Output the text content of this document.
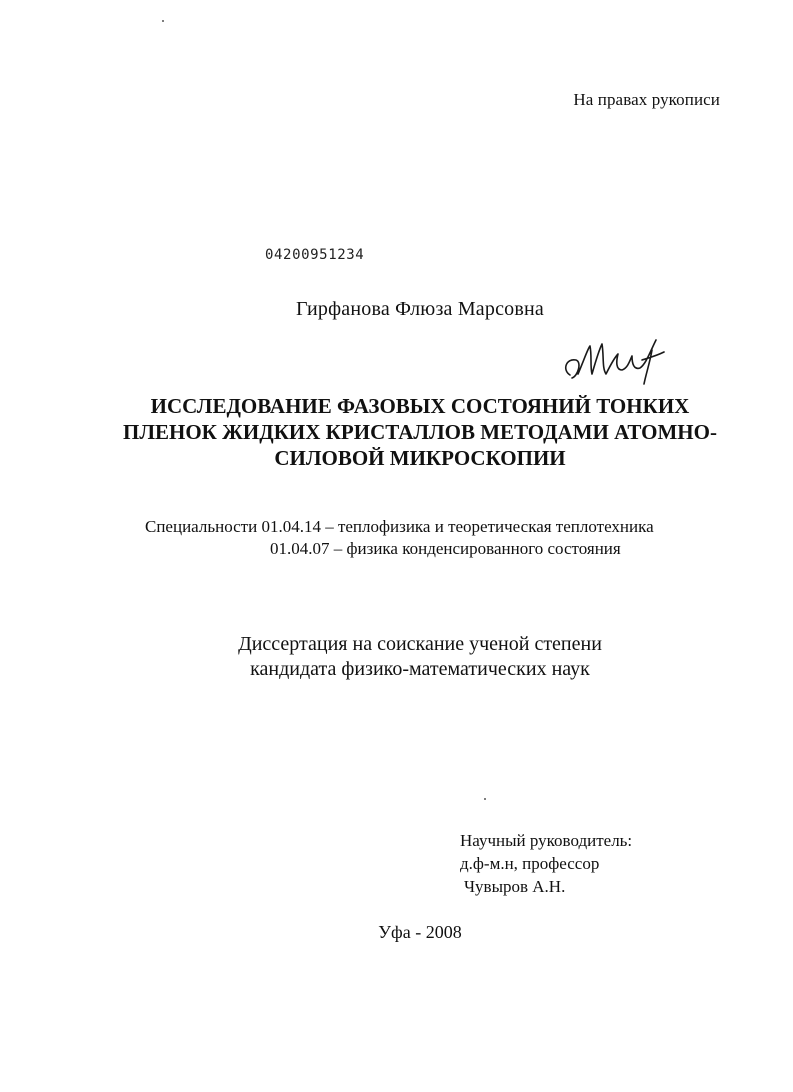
На правах рукописи
04200951234
Гирфанова Флюза Марсовна
ИССЛЕДОВАНИЕ ФАЗОВЫХ СОСТОЯНИЙ ТОНКИХ
ПЛЕНОК ЖИДКИХ КРИСТАЛЛОВ МЕТОДАМИ АТОМНО-
СИЛОВОЙ МИКРОСКОПИИ
Специальности 01.04.14 – теплофизика и теоретическая теплотехника
01.04.07 – физика конденсированного состояния
Диссертация на соискание ученой степени
кандидата физико-математических наук
Научный руководитель:
д.ф-м.н, профессор
Чувыров А.Н.
Уфа - 2008
